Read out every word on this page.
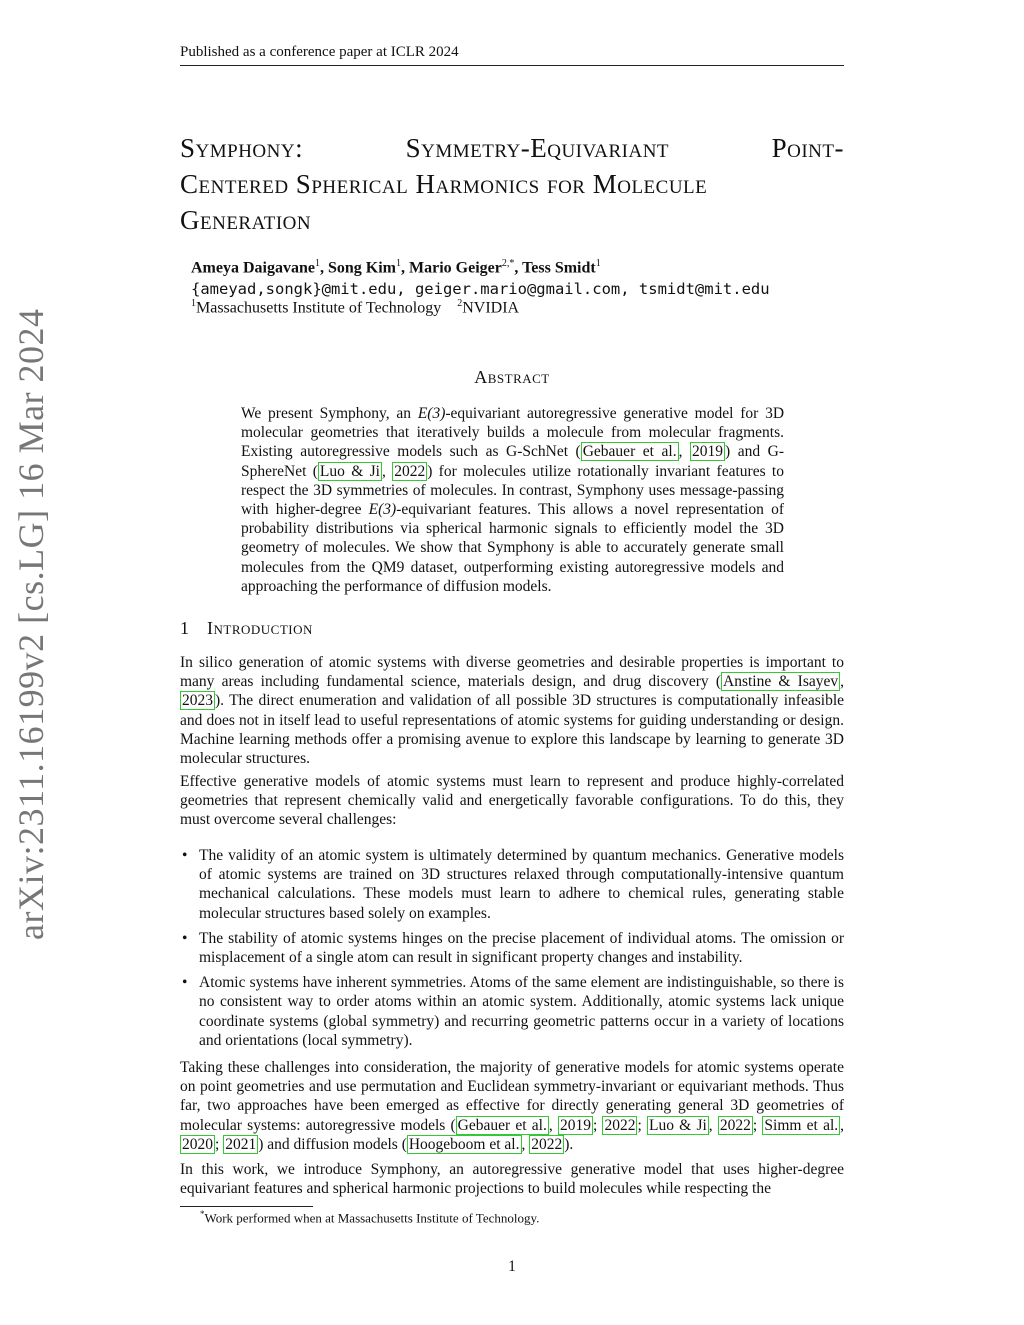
Published as a conference paper at ICLR 2024
arXiv:2311.16199v2 [cs.LG] 16 Mar 2024
Symphony:	Symmetry-Equivariant	Point-
Centered Spherical Harmonics for Molecule
Generation
Ameya Daigavane$^1$, Song Kim$^1$, Mario Geiger$^{2,*}$, Tess Smidt$^1$
{ameyad,songk}@mit.edu, geiger.mario@gmail.com, tsmidt@mit.edu
$^1$Massachusetts Institute of Technology $^2$NVIDIA
Abstract
We present Symphony, an E(3)-equivariant autoregressive generative model for 3D molecular geometries that iteratively builds a molecule from molecular fragments. Existing autoregressive models such as G-SchNet ( Gebauer et al. , 2019 ) and G-SphereNet ( Luo & Ji , 2022 ) for molecules utilize rotationally invariant features to respect the 3D symmetries of molecules. In contrast, Symphony uses message-passing with higher-degree E(3)-equivariant features. This allows a novel representation of probability distributions via spherical harmonic signals to efficiently model the 3D geometry of molecules. We show that Symphony is able to accurately generate small molecules from the QM9 dataset, outperforming existing autoregressive models and approaching the performance of diffusion models.
1 Introduction
In silico generation of atomic systems with diverse geometries and desirable properties is important to many areas including fundamental science, materials design, and drug discovery ( Anstine & Isayev , 2023 ). The direct enumeration and validation of all possible 3D structures is computationally infeasible and does not in itself lead to useful representations of atomic systems for guiding understanding or design. Machine learning methods offer a promising avenue to explore this landscape by learning to generate 3D molecular structures.
Effective generative models of atomic systems must learn to represent and produce highly-correlated geometries that represent chemically valid and energetically favorable configurations. To do this, they must overcome several challenges:
• The validity of an atomic system is ultimately determined by quantum mechanics. Generative models of atomic systems are trained on 3D structures relaxed through computationally-intensive quantum mechanical calculations. These models must learn to adhere to chemical rules, generating stable molecular structures based solely on examples.
• The stability of atomic systems hinges on the precise placement of individual atoms. The omission or misplacement of a single atom can result in significant property changes and instability.
• Atomic systems have inherent symmetries. Atoms of the same element are indistinguishable, so there is no consistent way to order atoms within an atomic system. Additionally, atomic systems lack unique coordinate systems (global symmetry) and recurring geometric patterns occur in a variety of locations and orientations (local symmetry).
Taking these challenges into consideration, the majority of generative models for atomic systems operate on point geometries and use permutation and Euclidean symmetry-invariant or equivariant methods. Thus far, two approaches have been emerged as effective for directly generating general 3D geometries of molecular systems: autoregressive models ( Gebauer et al. , 2019 ; 2022 ; Luo & Ji , 2022 ; Simm et al. , 2020 ; 2021 ) and diffusion models ( Hoogeboom et al. , 2022 ).
In this work, we introduce Symphony, an autoregressive generative model that uses higher-degree equivariant features and spherical harmonic projections to build molecules while respecting the
*Work performed when at Massachusetts Institute of Technology.
1
